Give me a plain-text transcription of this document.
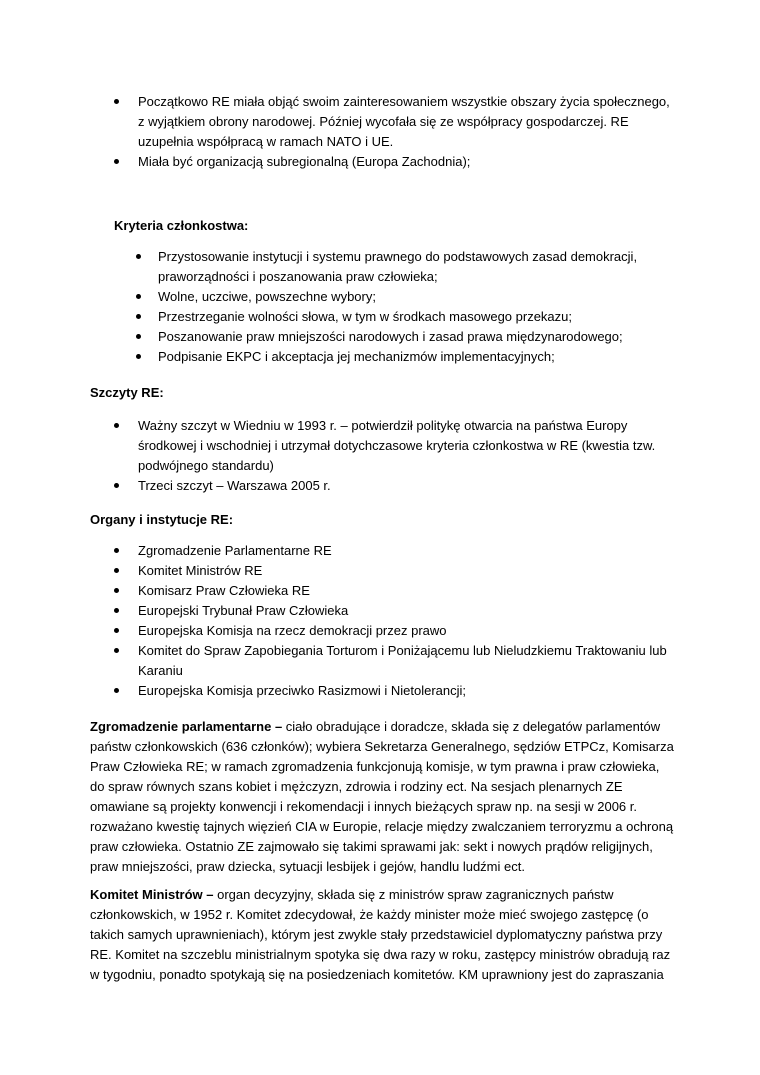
Początkowo RE miała objąć swoim zainteresowaniem wszystkie obszary życia społecznego, z wyjątkiem obrony narodowej. Później wycofała się ze współpracy gospodarczej. RE uzupełnia współpracą w ramach NATO i UE.
Miała być organizacją subregionalną (Europa Zachodnia);
Kryteria członkostwa:
Przystosowanie instytucji i systemu prawnego do podstawowych zasad demokracji, praworządności i poszanowania praw człowieka;
Wolne, uczciwe, powszechne wybory;
Przestrzeganie wolności słowa, w tym w środkach masowego przekazu;
Poszanowanie praw mniejszości narodowych i zasad prawa międzynarodowego;
Podpisanie EKPC i akceptacja jej mechanizmów implementacyjnych;
Szczyty RE:
Ważny szczyt w Wiedniu w 1993 r. – potwierdził politykę otwarcia na państwa Europy środkowej i wschodniej i utrzymał dotychczasowe kryteria członkostwa w RE (kwestia tzw. podwójnego standardu)
Trzeci szczyt – Warszawa 2005 r.
Organy i instytucje RE:
Zgromadzenie Parlamentarne RE
Komitet Ministrów RE
Komisarz Praw Człowieka RE
Europejski Trybunał Praw Człowieka
Europejska Komisja na rzecz demokracji przez prawo
Komitet do Spraw Zapobiegania Torturom i Poniżającemu lub Nieludzkiemu Traktowaniu lub Karaniu
Europejska Komisja przeciwko Rasizmowi i Nietolerancji;

Zgromadzenie parlamentarne – ciało obradujące i doradcze, składa się z delegatów parlamentów państw członkowskich (636 członków); wybiera Sekretarza Generalnego, sędziów ETPCz, Komisarza Praw Człowieka RE; w ramach zgromadzenia funkcjonują komisje, w tym prawna i praw człowieka, do spraw równych szans kobiet i mężczyzn, zdrowia i rodziny ect. Na sesjach plenarnych ZE omawiane są projekty konwencji i rekomendacji i innych bieżących spraw np. na sesji w 2006 r. rozważano kwestię tajnych więzień CIA w Europie, relacje między zwalczaniem terroryzmu a ochroną praw człowieka. Ostatnio ZE zajmowało się takimi sprawami jak: sekt i nowych prądów religijnych, praw mniejszości, praw dziecka, sytuacji lesbijek i gejów, handlu ludźmi ect.

Komitet Ministrów – organ decyzyjny, składa się z ministrów spraw zagranicznych państw członkowskich, w 1952 r. Komitet zdecydował, że każdy minister może mieć swojego zastępcę (o takich samych uprawnieniach), którym jest zwykle stały przedstawiciel dyplomatyczny państwa przy RE. Komitet na szczeblu ministrialnym spotyka się dwa razy w roku, zastępcy ministrów obradują raz w tygodniu, ponadto spotykają się na posiedzeniach komitetów. KM uprawniony jest do zapraszania
